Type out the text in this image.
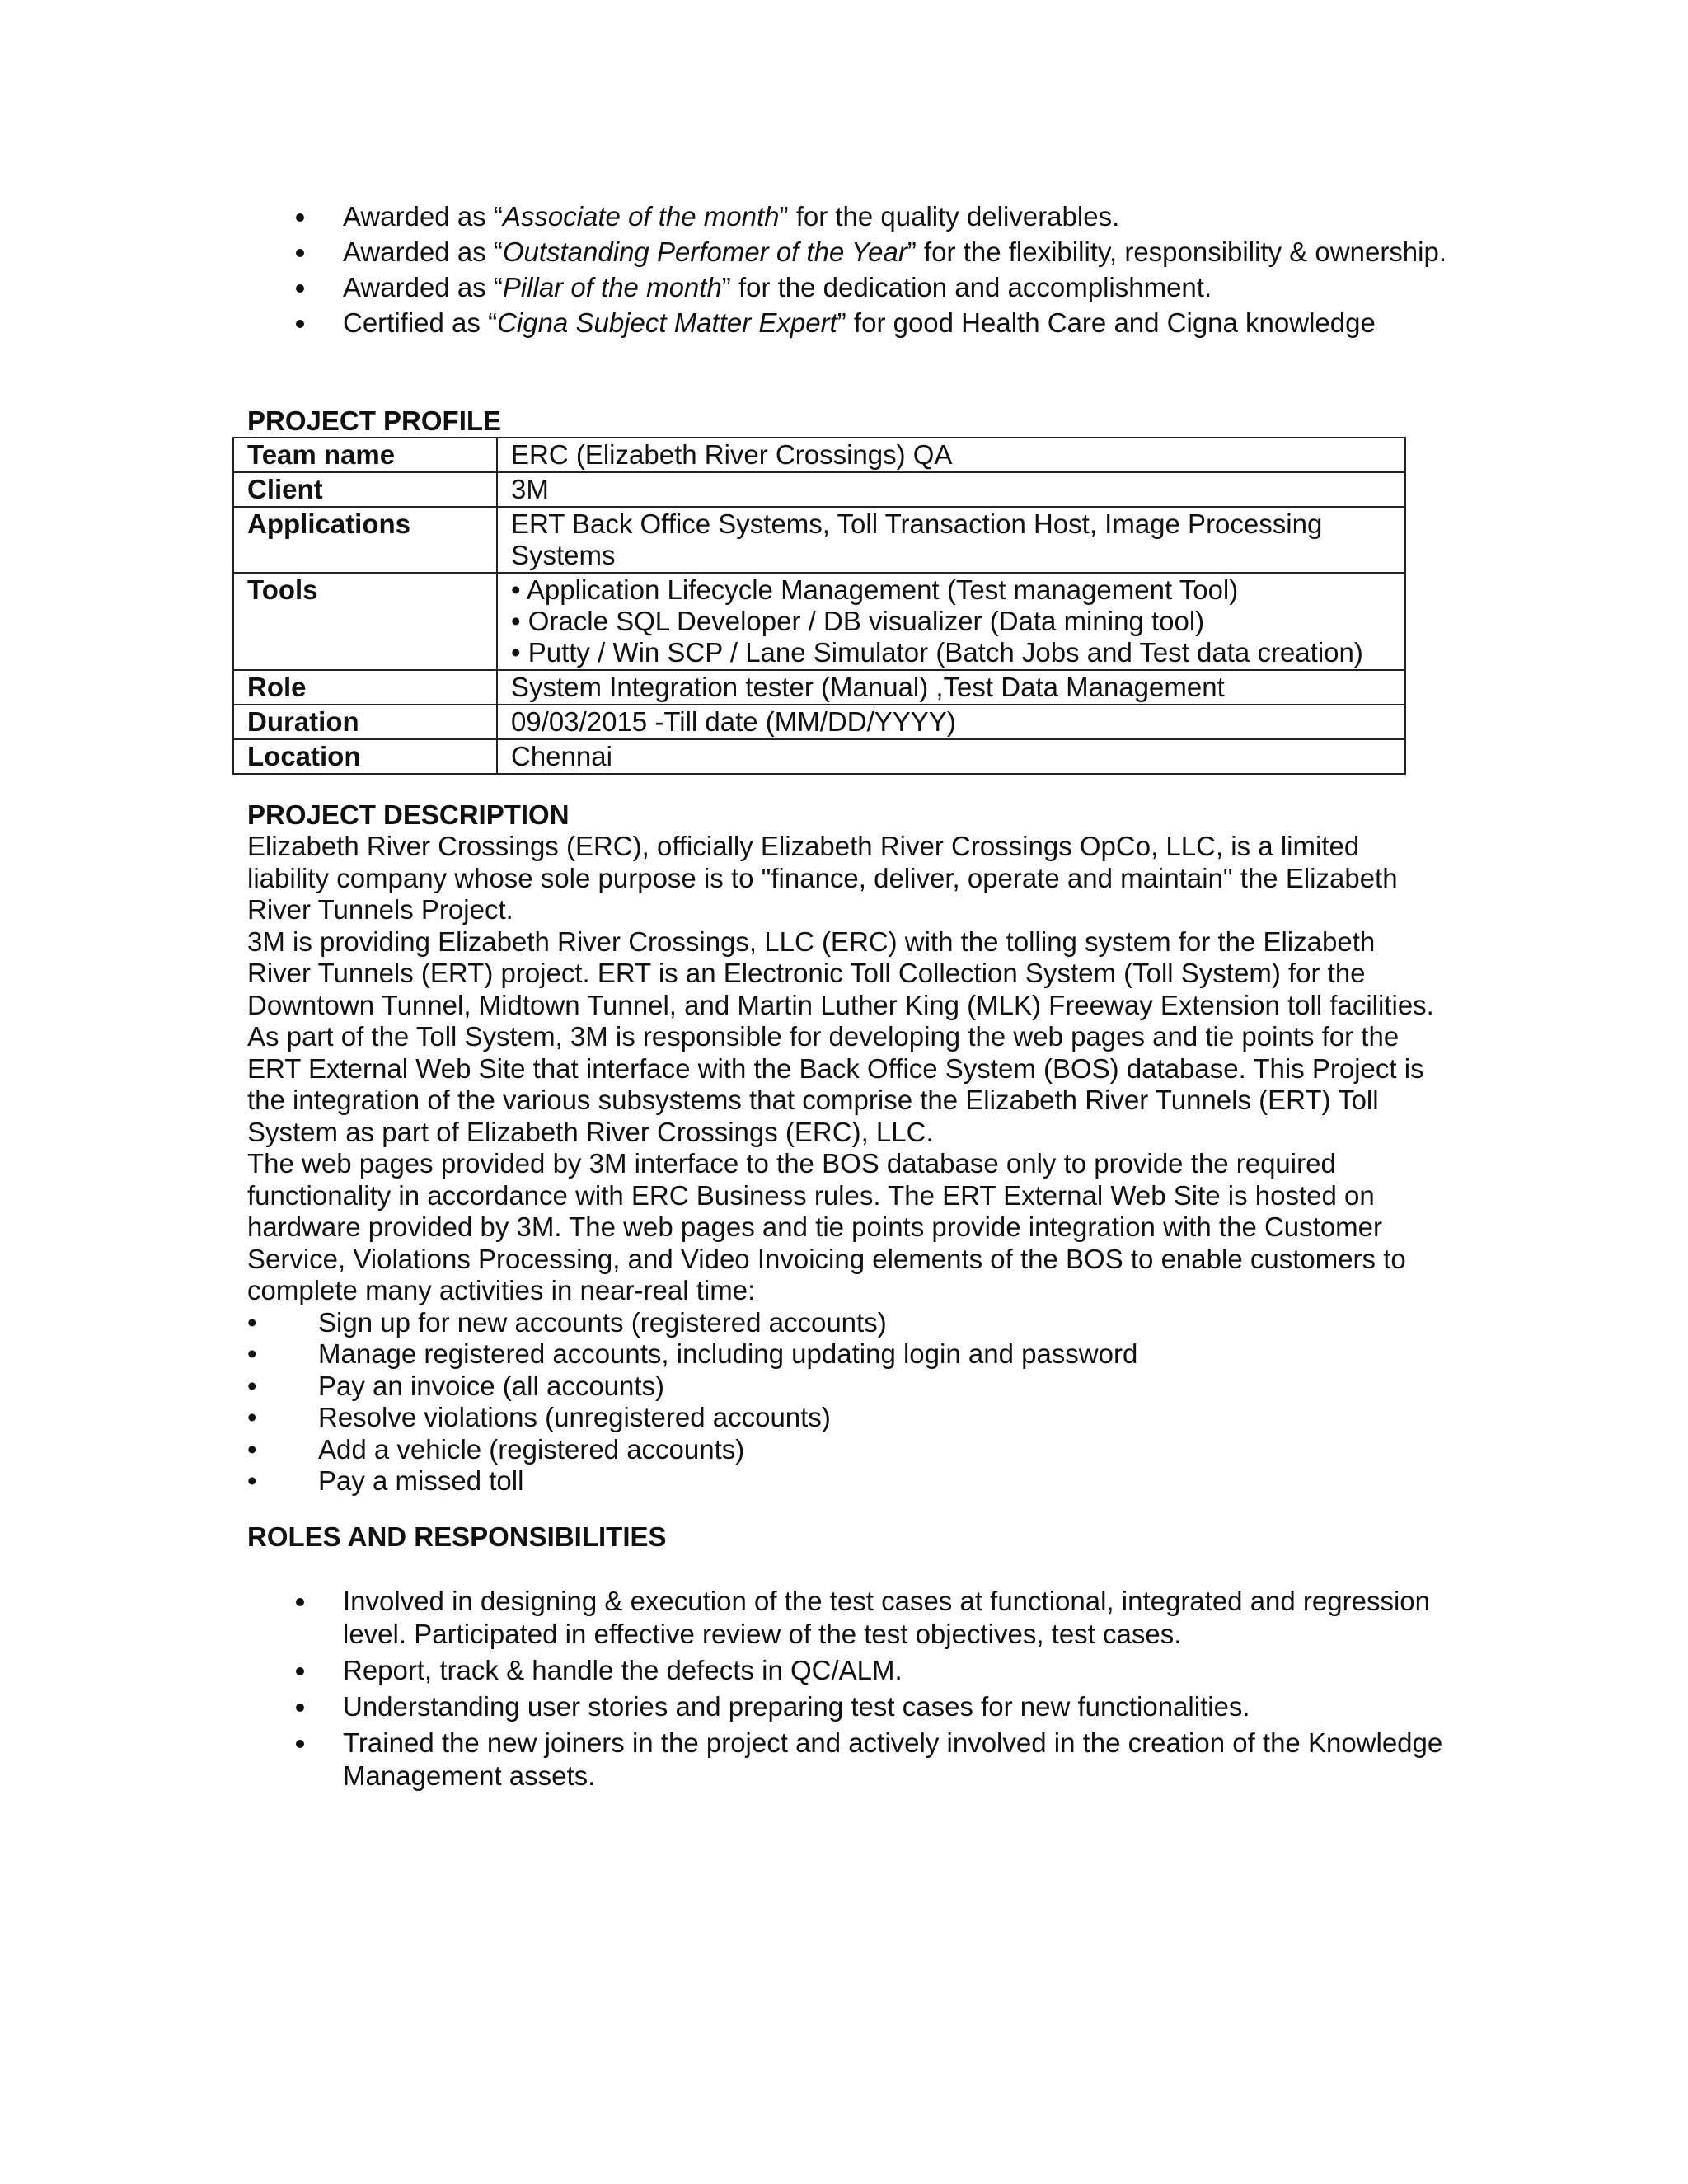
Awarded as “Associate of the month” for the quality deliverables.
Awarded as “Outstanding Perfomer of the Year” for the flexibility, responsibility & ownership.
Awarded as “Pillar of the month” for the dedication and accomplishment.
Certified as “Cigna Subject Matter Expert” for good Health Care and Cigna knowledge
PROJECT PROFILE
Team name	ERC (Elizabeth River Crossings) QA
Client	3M
Applications	ERT Back Office Systems, Toll Transaction Host, Image Processing Systems
Tools	• Application Lifecycle Management (Test management Tool)
• Oracle SQL Developer / DB visualizer (Data mining tool)
• Putty / Win SCP / Lane Simulator (Batch Jobs and Test data creation)

Role	System Integration tester (Manual) ,Test Data Management
Duration	09/03/2015 -Till date (MM/DD/YYYY)
Location	Chennai
PROJECT DESCRIPTION

Elizabeth River Crossings (ERC), officially Elizabeth River Crossings OpCo, LLC, is a limited liability company whose sole purpose is to "finance, deliver, operate and maintain" the Elizabeth River Tunnels Project.

3M is providing Elizabeth River Crossings, LLC (ERC) with the tolling system for the Elizabeth River Tunnels (ERT) project. ERT is an Electronic Toll Collection System (Toll System) for the Downtown Tunnel, Midtown Tunnel, and Martin Luther King (MLK) Freeway Extension toll facilities. As part of the Toll System, 3M is responsible for developing the web pages and tie points for the ERT External Web Site that interface with the Back Office System (BOS) database. This Project is the integration of the various subsystems that comprise the Elizabeth River Tunnels (ERT) Toll System as part of Elizabeth River Crossings (ERC), LLC.

The web pages provided by 3M interface to the BOS database only to provide the required functionality in accordance with ERC Business rules. The ERT External Web Site is hosted on hardware provided by 3M. The web pages and tie points provide integration with the Customer Service, Violations Processing, and Video Invoicing elements of the BOS to enable customers to complete many activities in near-real time:

• Sign up for new accounts (registered accounts)
• Manage registered accounts, including updating login and password
• Pay an invoice (all accounts)
• Resolve violations (unregistered accounts)
• Add a vehicle (registered accounts)
• Pay a missed toll
ROLES AND RESPONSIBILITIES
Involved in designing & execution of the test cases at functional, integrated and regression level. Participated in effective review of the test objectives, test cases.
Report, track & handle the defects in QC/ALM.
Understanding user stories and preparing test cases for new functionalities.
Trained the new joiners in the project and actively involved in the creation of the Knowledge Management assets.
